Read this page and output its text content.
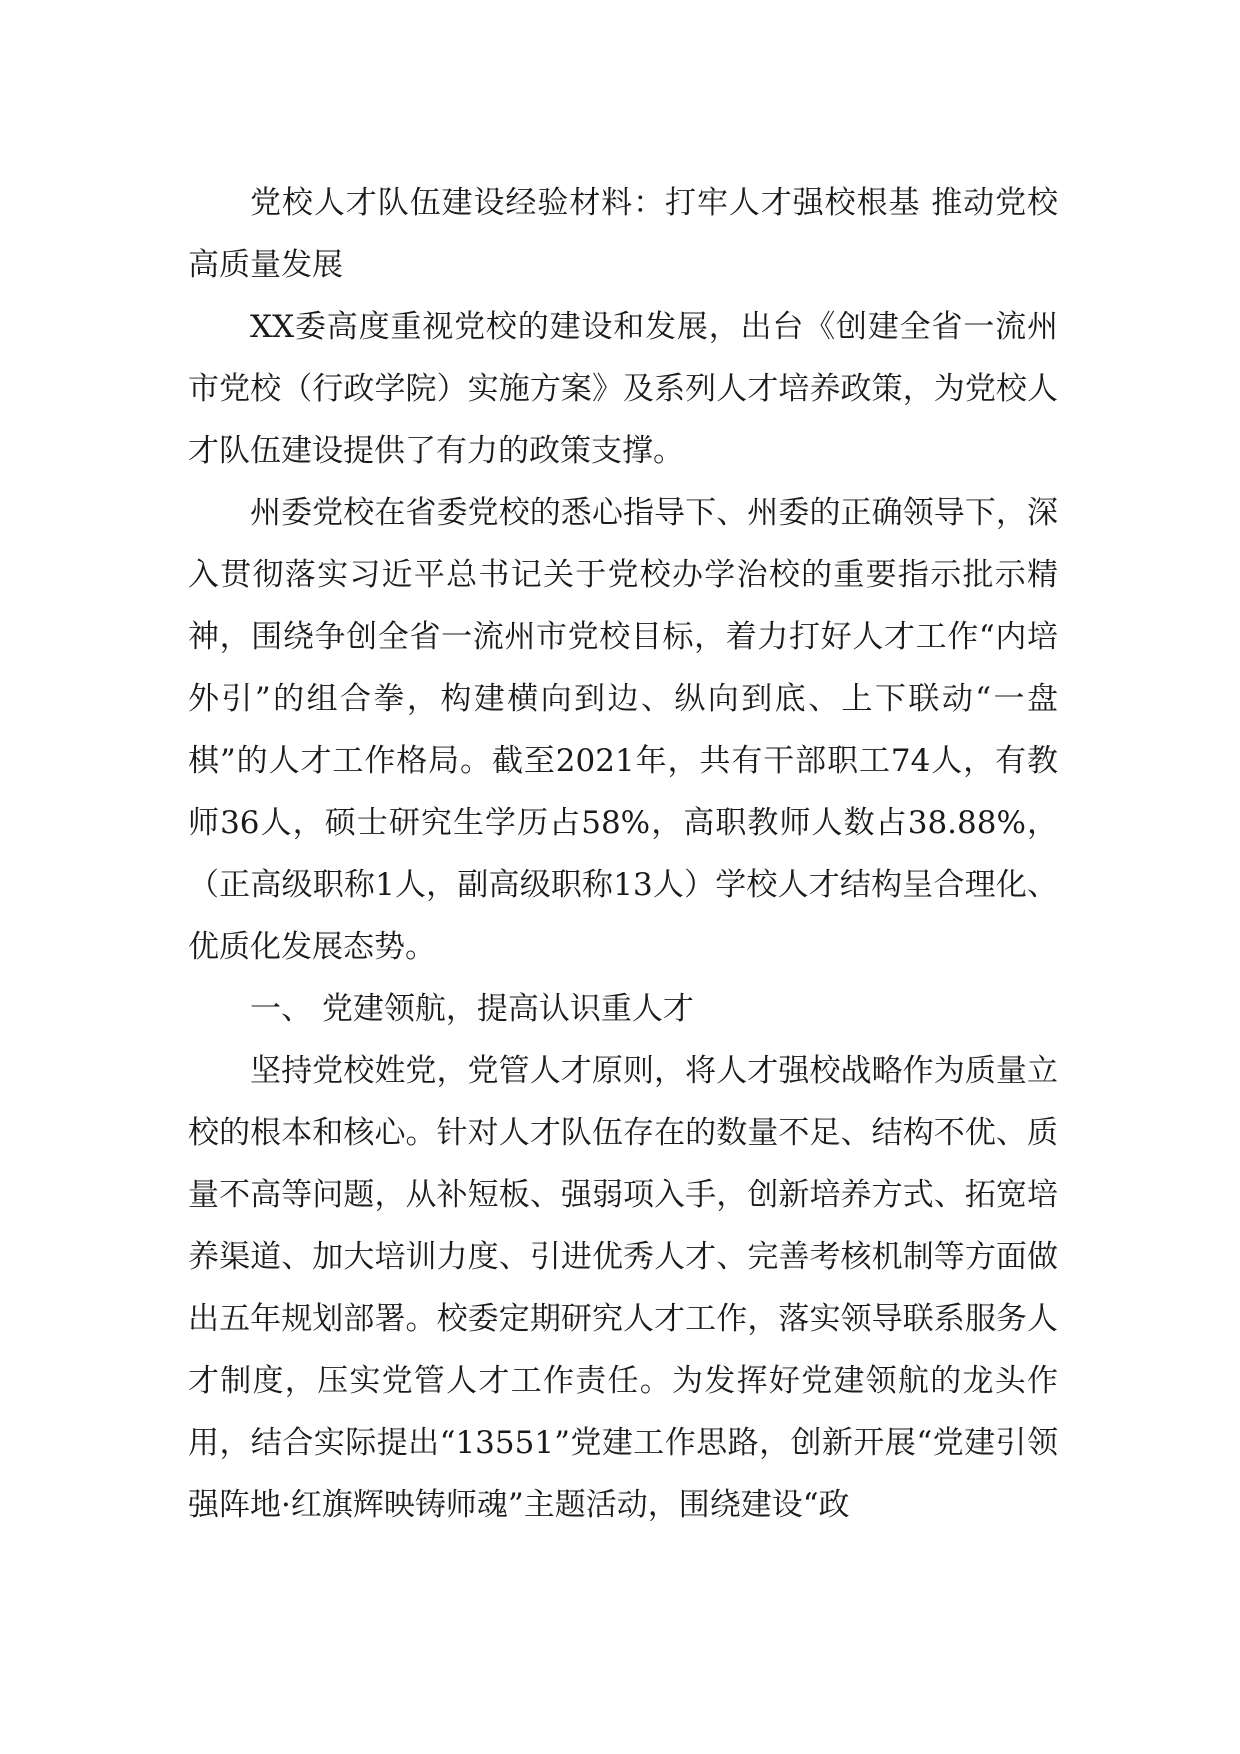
党校人才队伍建设经验材料：打牢人才强校根基 推动党校高质量发展

XX委高度重视党校的建设和发展，出台《创建全省一流州市党校（行政学院）实施方案》及系列人才培养政策，为党校人才队伍建设提供了有力的政策支撑。

州委党校在省委党校的悉心指导下、州委的正确领导下，深入贯彻落实习近平总书记关于党校办学治校的重要指示批示精神，围绕争创全省一流州市党校目标，着力打好人才工作“内培外引”的组合拳，构建横向到边、纵向到底、上下联动“一盘棋”的人才工作格局。截至2021年，共有干部职工74人，有教师36人，硕士研究生学历占58%，高职教师人数占38.88%，（正高级职称1人，副高级职称13人）学校人才结构呈合理化、优质化发展态势。

一、 党建领航，提高认识重人才

坚持党校姓党，党管人才原则，将人才强校战略作为质量立校的根本和核心。针对人才队伍存在的数量不足、结构不优、质量不高等问题，从补短板、强弱项入手，创新培养方式、拓宽培养渠道、加大培训力度、引进优秀人才、完善考核机制等方面做出五年规划部署。校委定期研究人才工作，落实领导联系服务人才制度，压实党管人才工作责任。为发挥好党建领航的龙头作用，结合实际提出“13551”党建工作思路，创新开展“党建引领强阵地·红旗辉映铸师魂”主题活动，围绕建设“政
